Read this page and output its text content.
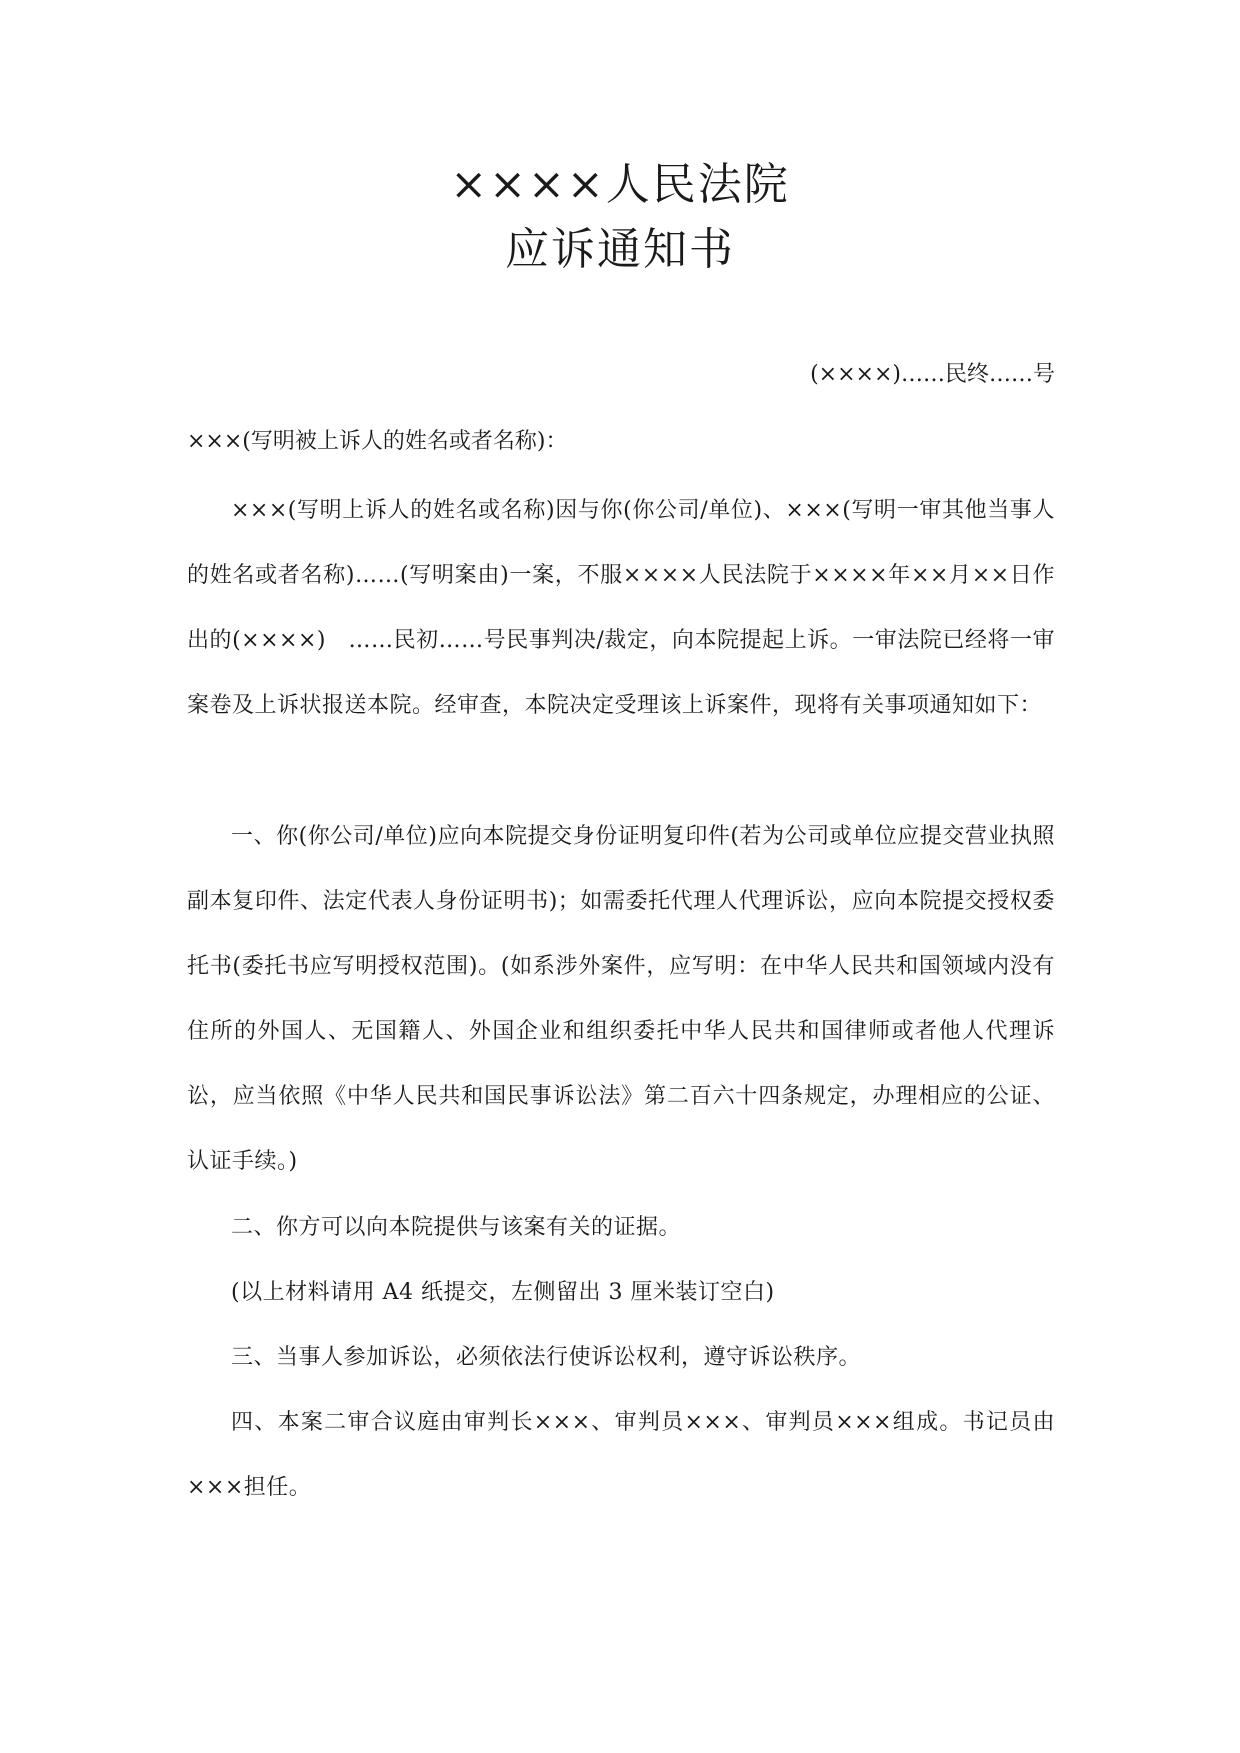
××××人民法院
应诉通知书
(××××)……民终……号
×××(写明被上诉人的姓名或者名称)：

×××(写明上诉人的姓名或名称)因与你(你公司/单位)、×××(写明一审其他当事人的姓名或者名称)……(写明案由)一案，不服××××人民法院于××××年××月××日作出的(××××)　……民初……号民事判决/裁定，向本院提起上诉。一审法院已经将一审案卷及上诉状报送本院。经审查，本院决定受理该上诉案件，现将有关事项通知如下：

一、你(你公司/单位)应向本院提交身份证明复印件(若为公司或单位应提交营业执照副本复印件、法定代表人身份证明书)；如需委托代理人代理诉讼，应向本院提交授权委托书(委托书应写明授权范围)。(如系涉外案件，应写明：在中华人民共和国领域内没有住所的外国人、无国籍人、外国企业和组织委托中华人民共和国律师或者他人代理诉讼，应当依照《中华人民共和国民事诉讼法》第二百六十四条规定，办理相应的公证、认证手续。)

二、你方可以向本院提供与该案有关的证据。

(以上材料请用 A4 纸提交，左侧留出 3 厘米装订空白)

三、当事人参加诉讼，必须依法行使诉讼权利，遵守诉讼秩序。

四、本案二审合议庭由审判长×××、审判员×××、审判员×××组成。书记员由×××担任。
